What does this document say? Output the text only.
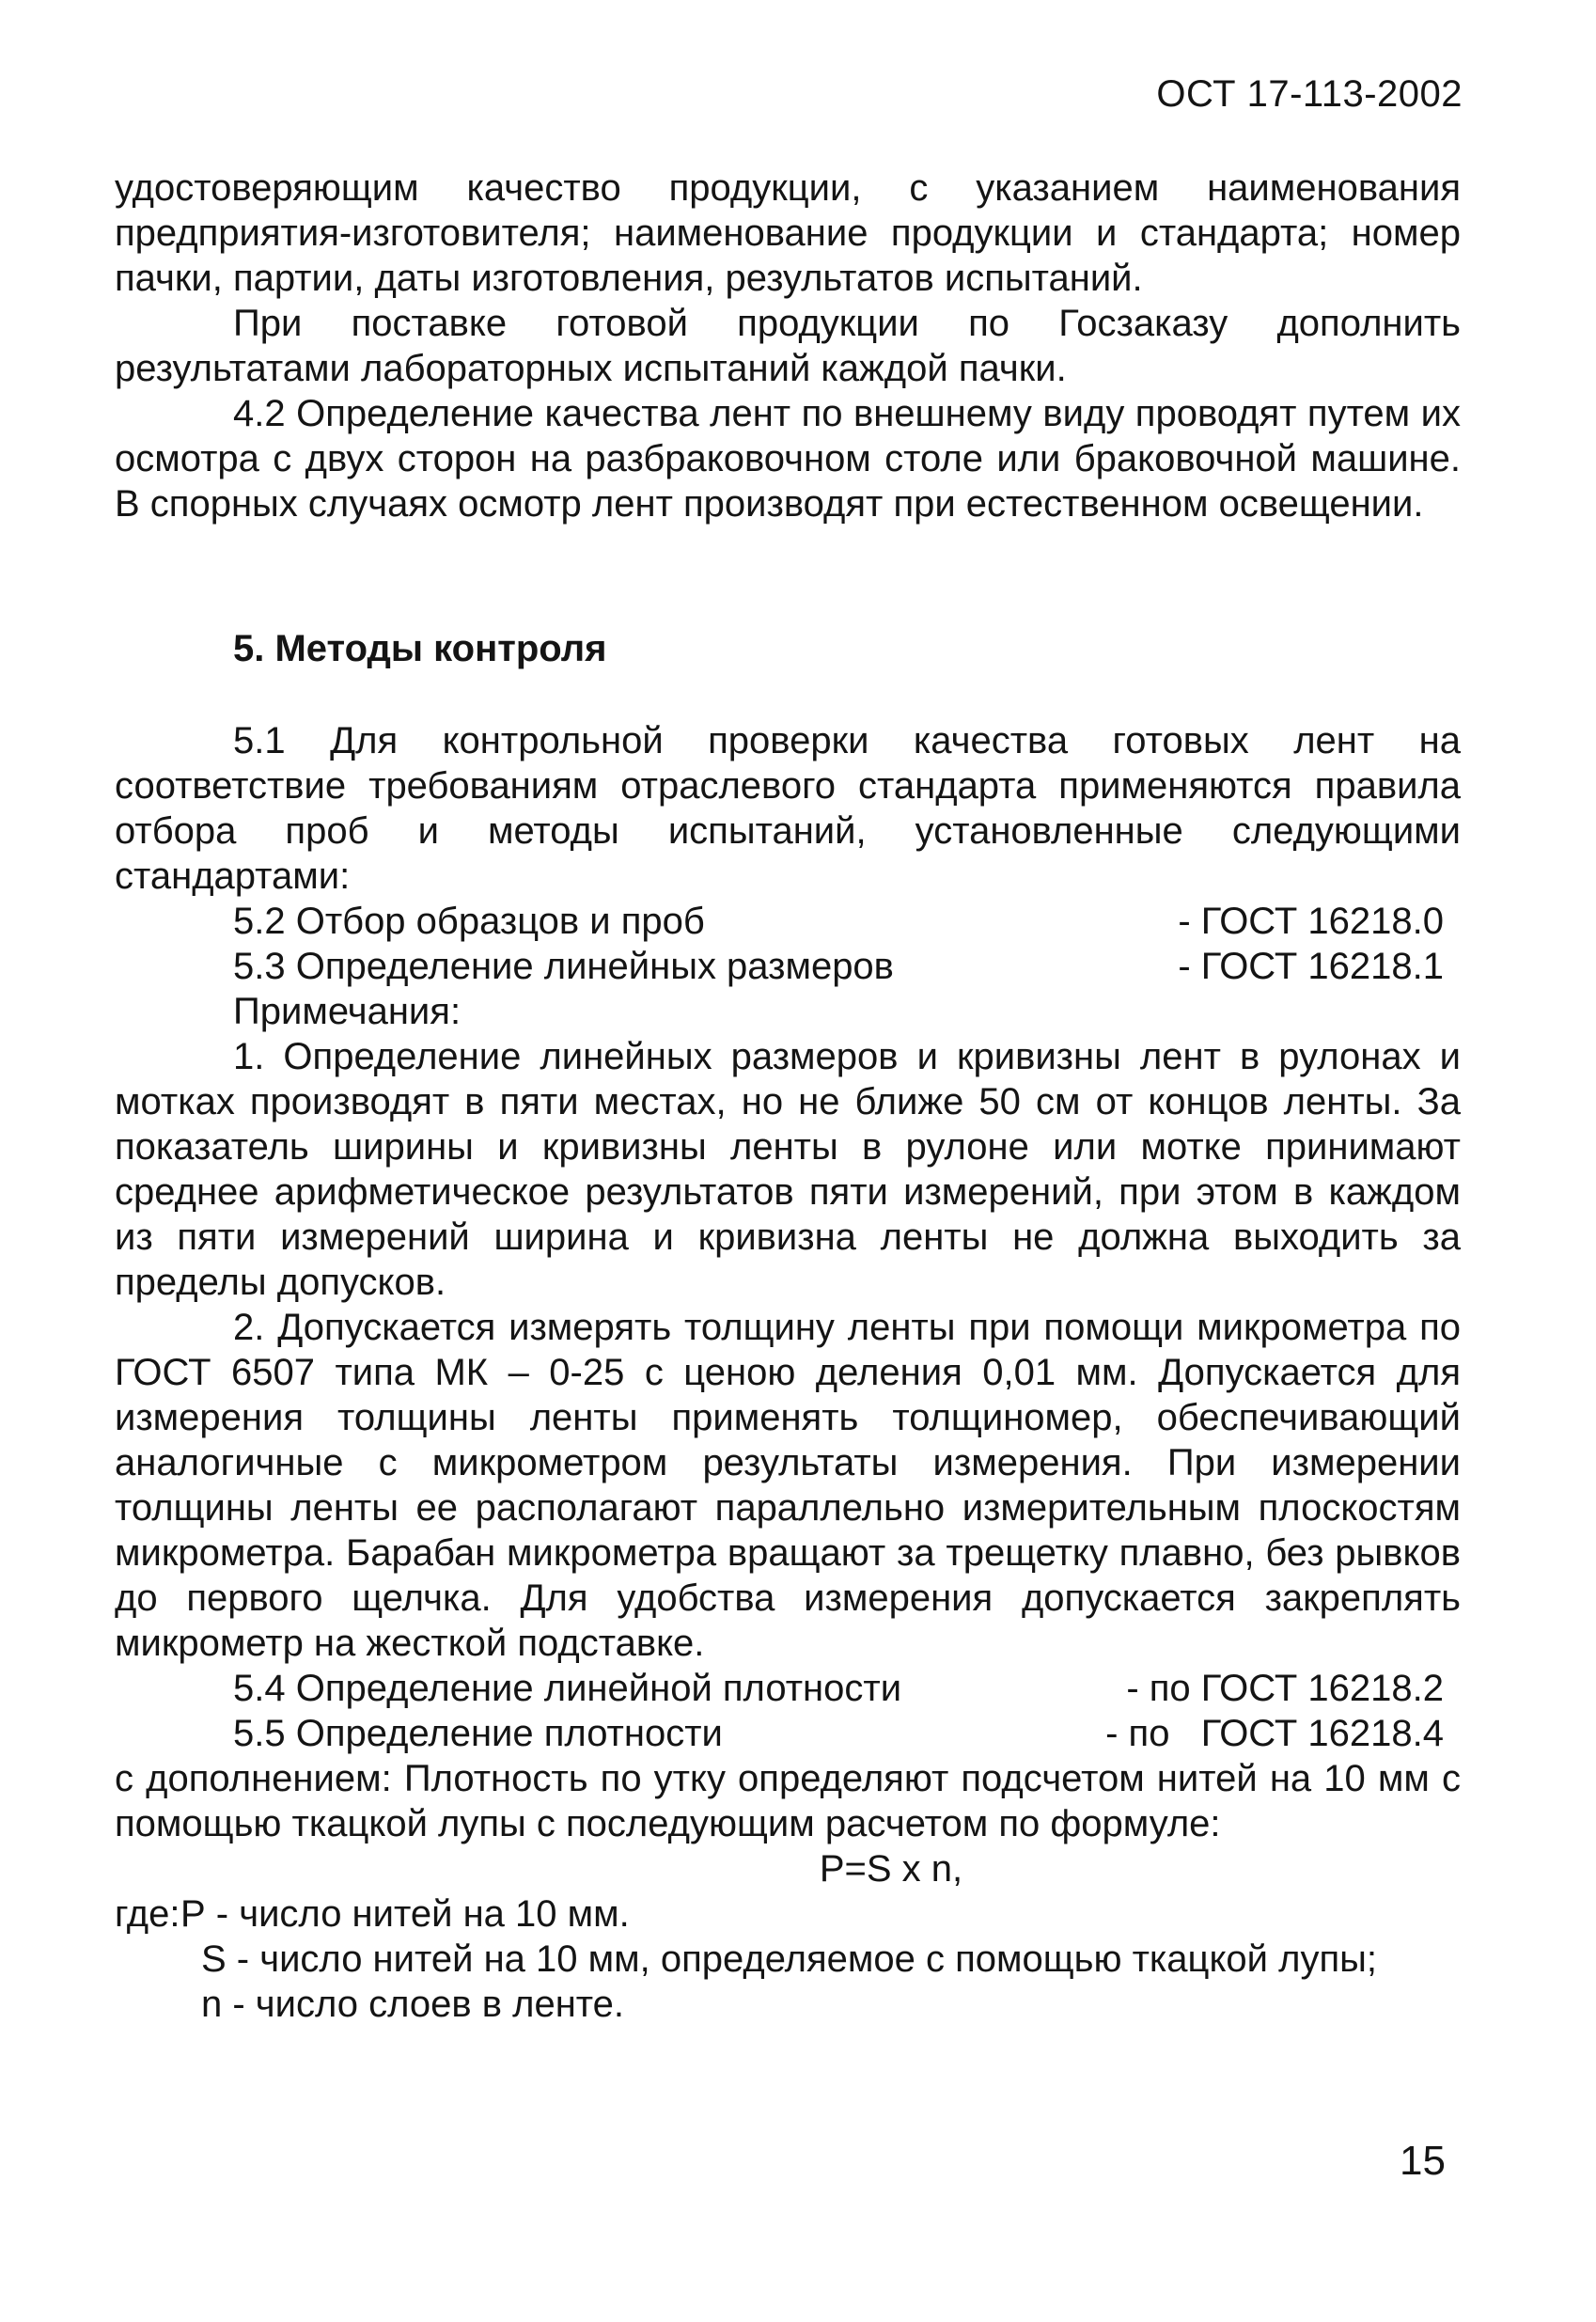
ОСТ 17-113-2002

удостоверяющим качество продукции, с указанием наименования предприятия-изготовителя; наименование продукции и стандарта; номер пачки, партии, даты изготовления, результатов испытаний.

При поставке готовой продукции по Госзаказу дополнить результатами лабораторных испытаний каждой пачки.

4.2 Определение качества лент по внешнему виду проводят путем их осмотра с двух сторон на разбраковочном столе или браковочной машине. В спорных случаях осмотр лент производят при естественном освещении.

5. Методы контроля

5.1 Для контрольной проверки качества готовых лент на соответствие требованиям отраслевого стандарта применяются правила отбора проб и методы испытаний, установленные следующими стандартами:

5.2 Отбор образцов и проб	- ГОСТ 16218.0
5.3 Определение линейных размеров	- ГОСТ 16218.1
Примечания:

1. Определение линейных размеров и кривизны лент в рулонах и мотках производят в пяти местах, но не ближе 50 см от концов ленты. За показатель ширины и кривизны ленты в рулоне или мотке принимают среднее арифметическое результатов пяти измерений, при этом в каждом из пяти измерений ширина и кривизна ленты не должна выходить за пределы допусков.

2. Допускается измерять толщину ленты при помощи микрометра по ГОСТ 6507 типа МК – 0-25 с ценою деления 0,01 мм. Допускается для измерения толщины ленты применять толщиномер, обеспечивающий аналогичные с микрометром результаты измерения. При измерении толщины ленты ее располагают параллельно измерительным плоскостям микрометра. Барабан микрометра вращают за трещетку плавно, без рывков до первого щелчка. Для удобства измерения допускается закреплять микрометр на жесткой подставке.

5.4 Определение линейной плотности	- по ГОСТ 16218.2
5.5 Определение плотности	- по   ГОСТ 16218.4

с дополнением: Плотность по утку определяют подсчетом нитей на 10 мм с помощью ткацкой лупы с последующим расчетом по формуле:

P=S x n,
где: Р - число нитей на 10 мм.
S - число нитей на 10 мм, определяемое с помощью ткацкой лупы;
n - число слоев в ленте.
15
